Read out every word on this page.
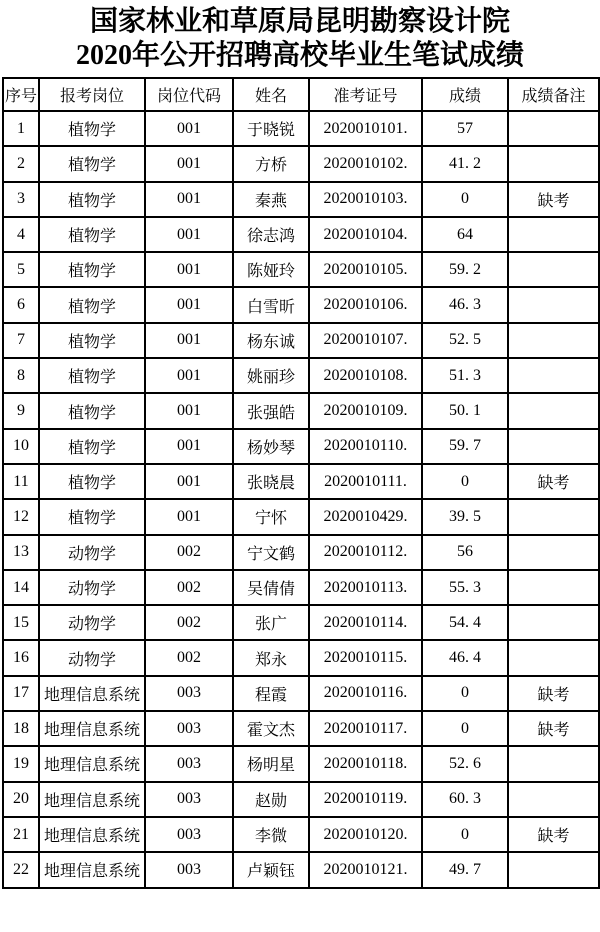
国家林业和草原局昆明勘察设计院
2020年公开招聘高校毕业生笔试成绩
序号	报考岗位	岗位代码	姓名	准考证号	成绩	成绩备注
1	植物学	001	于晓锐	2020010101.	57	
2	植物学	001	方桥	2020010102.	41. 2	
3	植物学	001	秦燕	2020010103.	0	缺考
4	植物学	001	徐志鸿	2020010104.	64	
5	植物学	001	陈娅玲	2020010105.	59. 2	
6	植物学	001	白雪昕	2020010106.	46. 3	
7	植物学	001	杨东诚	2020010107.	52. 5	
8	植物学	001	姚丽珍	2020010108.	51. 3	
9	植物学	001	张强皓	2020010109.	50. 1	
10	植物学	001	杨妙琴	2020010110.	59. 7	
11	植物学	001	张晓晨	2020010111.	0	缺考
12	植物学	001	宁怀	2020010429.	39. 5	
13	动物学	002	宁文鹤	2020010112.	56	
14	动物学	002	吴倩倩	2020010113.	55. 3	
15	动物学	002	张广	2020010114.	54. 4	
16	动物学	002	郑永	2020010115.	46. 4	
17	地理信息系统	003	程霞	2020010116.	0	缺考
18	地理信息系统	003	霍文杰	2020010117.	0	缺考
19	地理信息系统	003	杨明星	2020010118.	52. 6	
20	地理信息系统	003	赵勋	2020010119.	60. 3	
21	地理信息系统	003	李微	2020010120.	0	缺考
22	地理信息系统	003	卢颖钰	2020010121.	49. 7	
